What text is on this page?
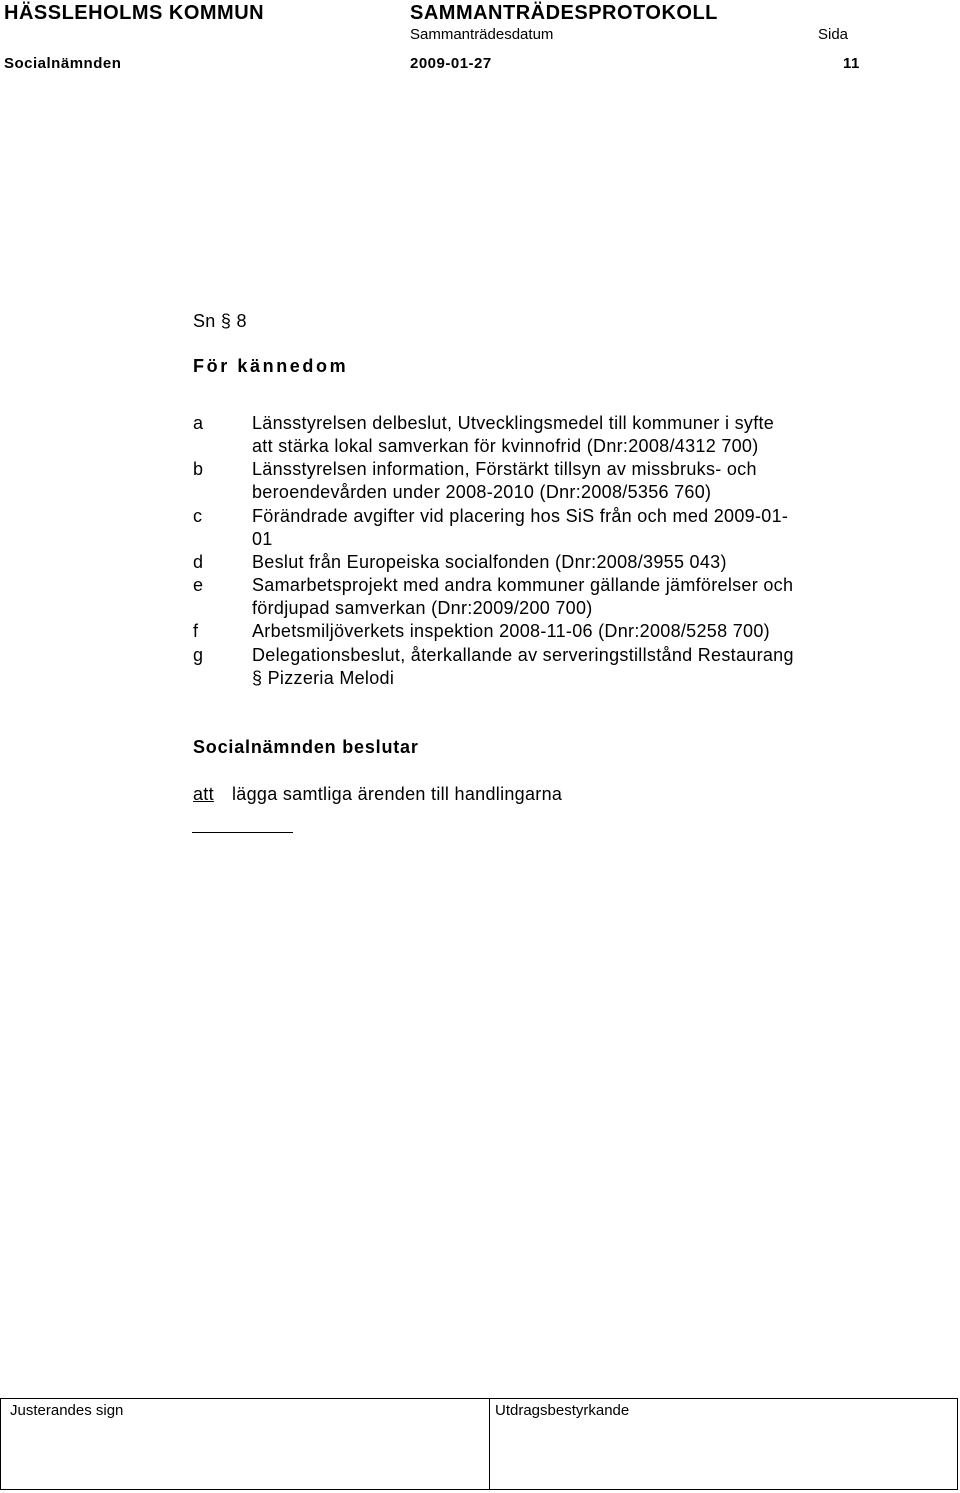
HÄSSLEHOLMS KOMMUN	SAMMANTRÄDESPROTOKOLL
Sammanträdesdatum	Sida
Socialnämnden	2009-01-27	11
Sn § 8
För kännedom
a	Länsstyrelsen delbeslut, Utvecklingsmedel till kommuner i syfte
att stärka lokal samverkan för kvinnofrid (Dnr:2008/4312 700)
b	Länsstyrelsen information, Förstärkt tillsyn av missbruks- och
beroendevården under 2008-2010 (Dnr:2008/5356 760)
c	Förändrade avgifter vid placering hos SiS från och med 2009-01-
01
d	Beslut från Europeiska socialfonden (Dnr:2008/3955 043)
e	Samarbetsprojekt med andra kommuner gällande jämförelser och
fördjupad samverkan (Dnr:2009/200 700)
f	Arbetsmiljöverkets inspektion 2008-11-06 (Dnr:2008/5258 700)
g	Delegationsbeslut, återkallande av serveringstillstånd Restaurang
§ Pizzeria Melodi
Socialnämnden beslutar
att lägga samtliga ärenden till handlingarna
Justerandes sign	Utdragsbestyrkande
